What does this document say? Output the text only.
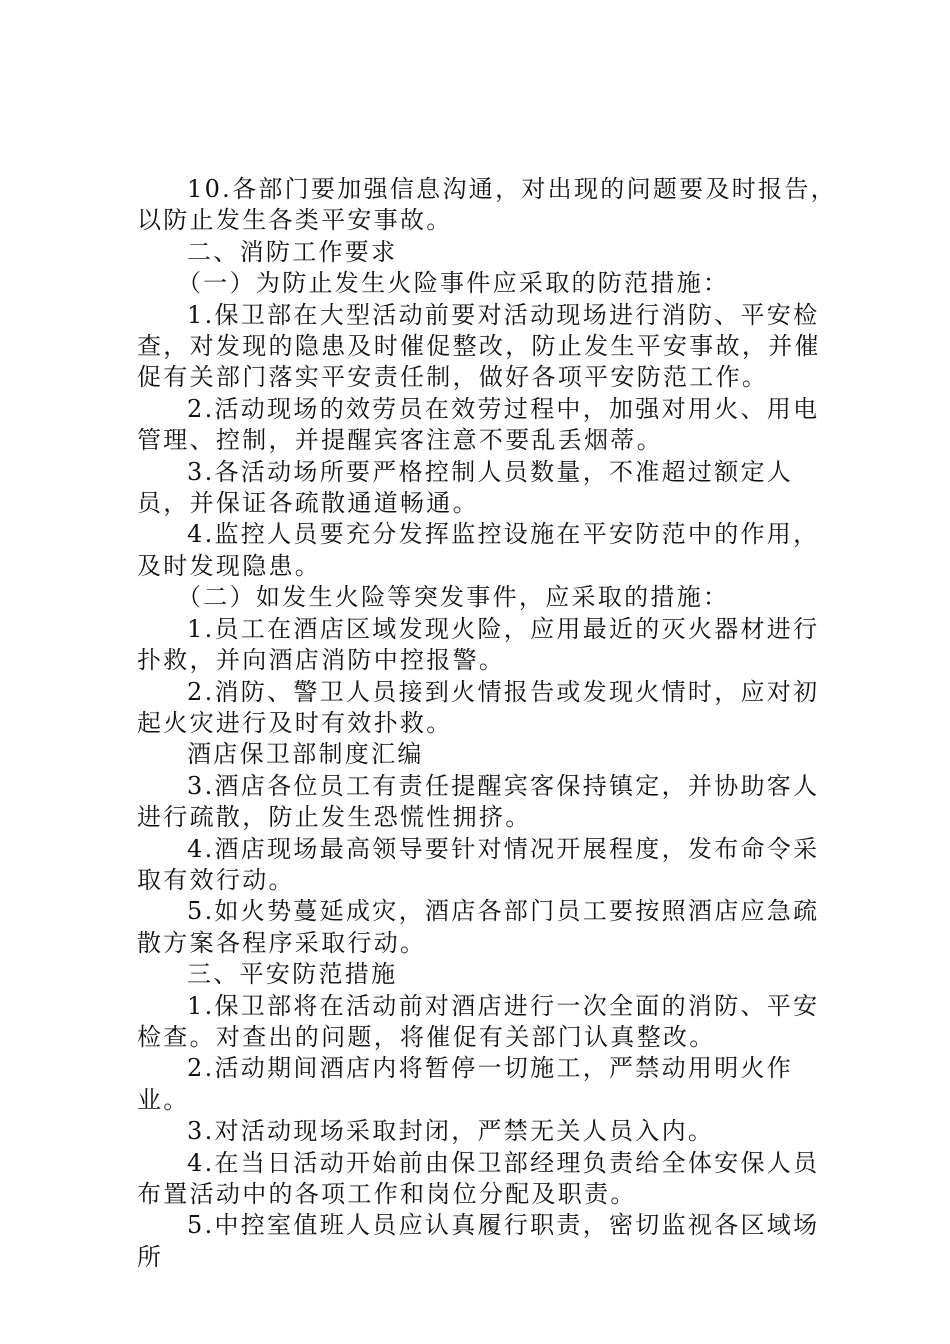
10.各部门要加强信息沟通，对出现的问题要及时报告，以防止发生各类平安事故。

二、消防工作要求

（一）为防止发生火险事件应采取的防范措施：

1.保卫部在大型活动前要对活动现场进行消防、平安检查，对发现的隐患及时催促整改，防止发生平安事故，并催促有关部门落实平安责任制，做好各项平安防范工作。

2.活动现场的效劳员在效劳过程中，加强对用火、用电管理、控制，并提醒宾客注意不要乱丢烟蒂。

3.各活动场所要严格控制人员数量，不准超过额定人员，并保证各疏散通道畅通。

4.监控人员要充分发挥监控设施在平安防范中的作用，及时发现隐患。

（二）如发生火险等突发事件，应采取的措施：

1.员工在酒店区域发现火险，应用最近的灭火器材进行扑救，并向酒店消防中控报警。

2.消防、警卫人员接到火情报告或发现火情时，应对初起火灾进行及时有效扑救。

酒店保卫部制度汇编

3.酒店各位员工有责任提醒宾客保持镇定，并协助客人进行疏散，防止发生恐慌性拥挤。

4.酒店现场最高领导要针对情况开展程度，发布命令采取有效行动。

5.如火势蔓延成灾，酒店各部门员工要按照酒店应急疏散方案各程序采取行动。

三、平安防范措施

1.保卫部将在活动前对酒店进行一次全面的消防、平安检查。对查出的问题，将催促有关部门认真整改。

2.活动期间酒店内将暂停一切施工，严禁动用明火作业。

3.对活动现场采取封闭，严禁无关人员入内。

4.在当日活动开始前由保卫部经理负责给全体安保人员布置活动中的各项工作和岗位分配及职责。

5.中控室值班人员应认真履行职责，密切监视各区域场所
